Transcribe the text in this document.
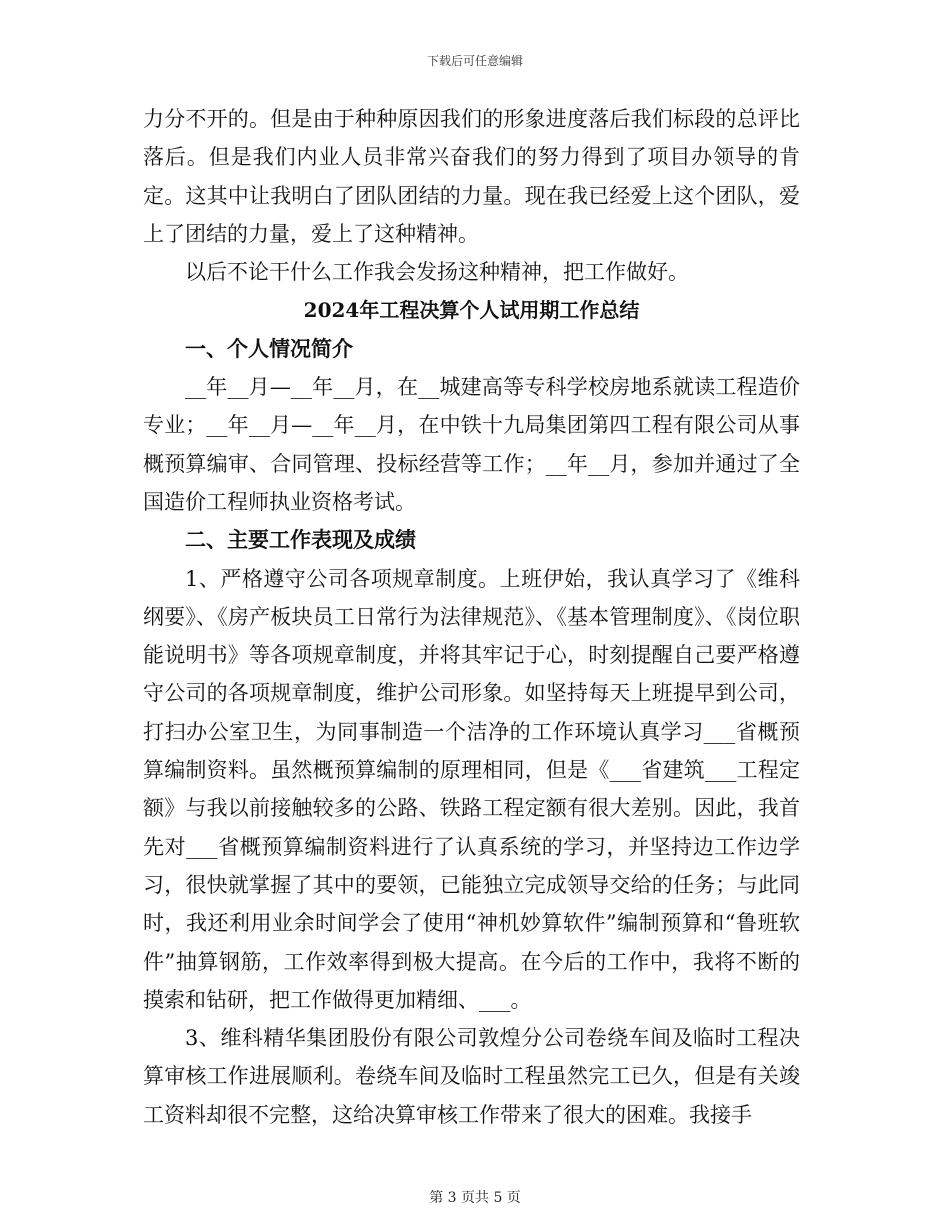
下载后可任意编辑

力分不开的。但是由于种种原因我们的形象进度落后我们标段的总评比落后。但是我们内业人员非常兴奋我们的努力得到了项目办领导的肯定。这其中让我明白了团队团结的力量。现在我已经爱上这个团队，爱上了团结的力量，爱上了这种精神。

以后不论干什么工作我会发扬这种精神，把工作做好。

2024年工程决算个人试用期工作总结

一、个人情况简介

__年__月—__年__月，在__城建高等专科学校房地系就读工程造价专业；__年__月—__年__月，在中铁十九局集团第四工程有限公司从事概预算编审、合同管理、投标经营等工作；__年__月，参加并通过了全国造价工程师执业资格考试。

二、主要工作表现及成绩

1、严格遵守公司各项规章制度。上班伊始，我认真学习了《维科纲要》、《房产板块员工日常行为法律规范》、《基本管理制度》、《岗位职能说明书》等各项规章制度，并将其牢记于心，时刻提醒自己要严格遵守公司的各项规章制度，维护公司形象。如坚持每天上班提早到公司，打扫办公室卫生，为同事制造一个洁净的工作环境认真学习___省概预算编制资料。虽然概预算编制的原理相同，但是《___省建筑___工程定额》与我以前接触较多的公路、铁路工程定额有很大差别。因此，我首先对___省概预算编制资料进行了认真系统的学习，并坚持边工作边学习，很快就掌握了其中的要领，已能独立完成领导交给的任务；与此同时，我还利用业余时间学会了使用“神机妙算软件”编制预算和“鲁班软件”抽算钢筋，工作效率得到极大提高。在今后的工作中，我将不断的摸索和钻研，把工作做得更加精细、___。

3、维科精华集团股份有限公司敦煌分公司卷绕车间及临时工程决算审核工作进展顺利。卷绕车间及临时工程虽然完工已久，但是有关竣工资料却很不完整，这给决算审核工作带来了很大的困难。我接手

第 3 页共 5 页
